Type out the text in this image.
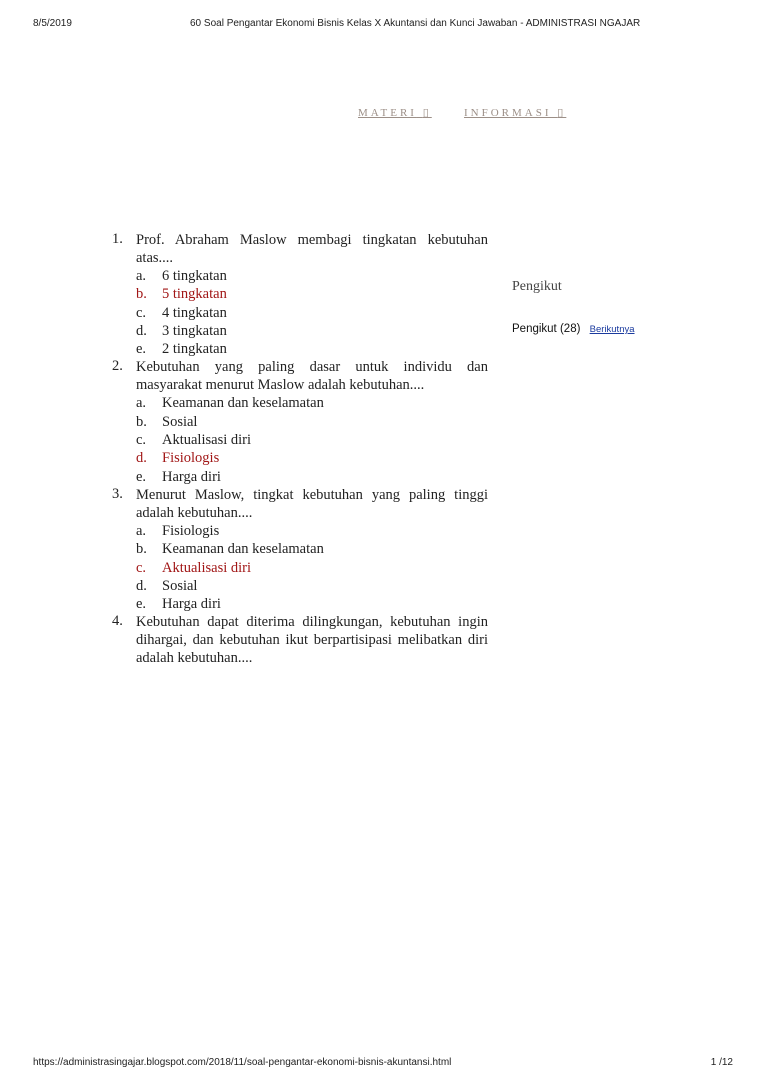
8/5/2019	60 Soal Pengantar Ekonomi Bisnis Kelas X Akuntansi dan Kunci Jawaban - ADMINISTRASI NGAJAR
MATERI ▯	INFORMASI ▯
1. Prof. Abraham Maslow membagi tingkatan kebutuhan atas....
a. 6 tingkatan
b. 5 tingkatan
c. 4 tingkatan
d. 3 tingkatan
e. 2 tingkatan
2. Kebutuhan yang paling dasar untuk individu dan masyarakat menurut Maslow adalah kebutuhan....
a. Keamanan dan keselamatan
b. Sosial
c. Aktualisasi diri
d. Fisiologis
e. Harga diri
3. Menurut Maslow, tingkat kebutuhan yang paling tinggi adalah kebutuhan....
a. Fisiologis
b. Keamanan dan keselamatan
c. Aktualisasi diri
d. Sosial
e. Harga diri
4. Kebutuhan dapat diterima dilingkungan, kebutuhan ingin dihargai, dan kebutuhan ikut berpartisipasi melibatkan diri adalah kebutuhan....
Pengikut
Pengikut (28) Berikutnya
https://administrasingajar.blogspot.com/2018/11/soal-pengantar-ekonomi-bisnis-akuntansi.html	1 /12
